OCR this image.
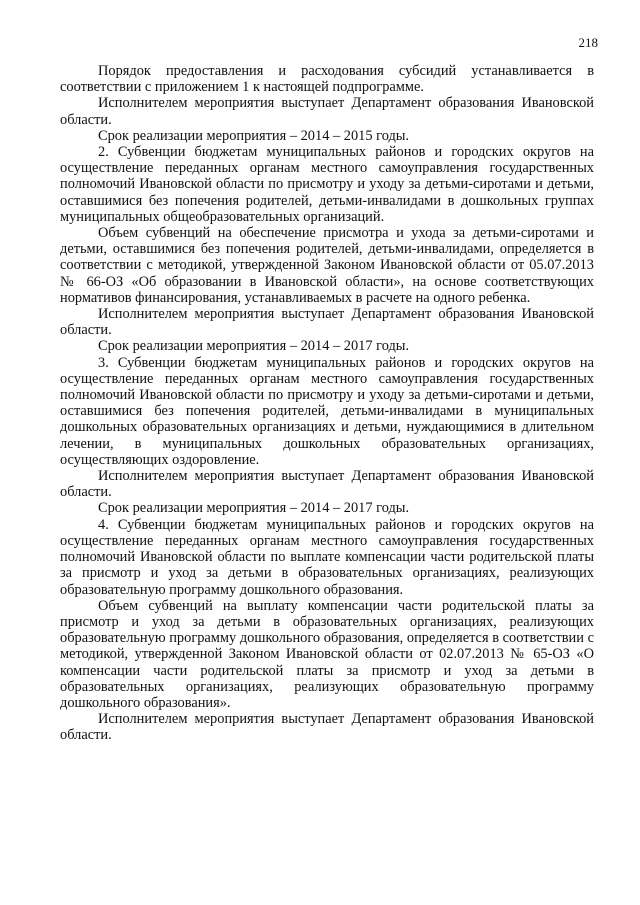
218

Порядок предоставления и расходования субсидий устанавливается в соответствии с приложением 1 к настоящей подпрограмме.

Исполнителем мероприятия выступает Департамент образования Ивановской области.

Срок реализации мероприятия – 2014 – 2015 годы.

2. Субвенции бюджетам муниципальных районов и городских округов на осуществление переданных органам местного самоуправления государственных полномочий Ивановской области по присмотру и уходу за детьми-сиротами и детьми, оставшимися без попечения родителей, детьми-инвалидами в дошкольных группах муниципальных общеобразовательных организаций.

Объем субвенций на обеспечение присмотра и ухода за детьми-сиротами и детьми, оставшимися без попечения родителей, детьми-инвалидами, определяется в соответствии с методикой, утвержденной Законом Ивановской области от 05.07.2013 № 66-ОЗ «Об образовании в Ивановской области», на основе соответствующих нормативов финансирования, устанавливаемых в расчете на одного ребенка.

Исполнителем мероприятия выступает Департамент образования Ивановской области.

Срок реализации мероприятия – 2014 – 2017 годы.

3. Субвенции бюджетам муниципальных районов и городских округов на осуществление переданных органам местного самоуправления государственных полномочий Ивановской области по присмотру и уходу за детьми-сиротами и детьми, оставшимися без попечения родителей, детьми-инвалидами в муниципальных дошкольных образовательных организациях и детьми, нуждающимися в длительном лечении, в муниципальных дошкольных образовательных организациях, осуществляющих оздоровление.

Исполнителем мероприятия выступает Департамент образования Ивановской области.

Срок реализации мероприятия – 2014 – 2017 годы.

4. Субвенции бюджетам муниципальных районов и городских округов на осуществление переданных органам местного самоуправления государственных полномочий Ивановской области по выплате компенсации части родительской платы за присмотр и уход за детьми в образовательных организациях, реализующих образовательную программу дошкольного образования.

Объем субвенций на выплату компенсации части родительской платы за присмотр и уход за детьми в образовательных организациях, реализующих образовательную программу дошкольного образования, определяется в соответствии с методикой, утвержденной Законом Ивановской области от 02.07.2013 № 65-ОЗ «О компенсации части родительской платы за присмотр и уход за детьми в образовательных организациях, реализующих образовательную программу дошкольного образования».

Исполнителем мероприятия выступает Департамент образования Ивановской области.
